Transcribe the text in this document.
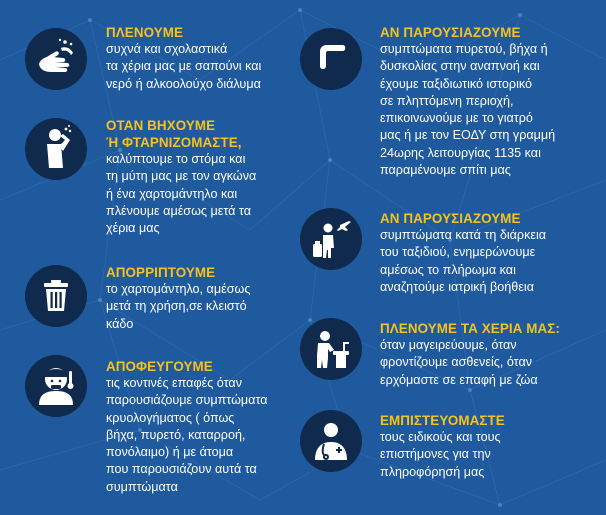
ΠΛΕΝΟΥΜΕ
συχνά και σχολαστικά
τα χέρια μας με σαπούνι και
νερό ή αλκοολούχο διάλυμα
ΟΤΑΝ ΒΗΧΟΥΜΕ
Ή ΦΤΑΡΝΙΖΟΜΑΣΤΕ,
καλύπτουμε το στόμα και
τη μύτη μας με τον αγκώνα
ή ένα χαρτομάντηλο και
πλένουμε αμέσως μετά τα
χέρια μας
ΑΠΟΡΡΙΠΤΟΥΜΕ
το χαρτομάντηλο, αμέσως
μετά τη χρήση,σε κλειστό
κάδο
ΑΠΟΦΕΥΓΟΥΜΕ
τις κοντινές επαφές όταν
παρουσιάζουμε συμπτώματα
κρυολογήματος ( όπως
βήχα, πυρετό, καταρροή,
πονόλαιμο) ή με άτομα
που παρουσιάζουν αυτά τα
συμπτώματα
ΑΝ ΠΑΡΟΥΣΙΑΖΟΥΜΕ
συμπτώματα πυρετού, βήχα ή
δυσκολίας στην αναπνοή και
έχουμε ταξιδιωτικό ιστορικό
σε πληττόμενη περιοχή,
επικοινωνούμε με το γιατρό
μας ή με τον ΕΟΔΥ στη γραμμή
24ωρης λειτουργίας 1135 και
παραμένουμε σπίτι μας
ΑΝ ΠΑΡΟΥΣΙΑΖΟΥΜΕ
συμπτώματα κατά τη διάρκεια
του ταξιδιού, ενημερώνουμε
αμέσως το πλήρωμα και
αναζητούμε ιατρική βοήθεια
ΠΛΕΝΟΥΜΕ ΤΑ ΧΕΡΙΑ ΜΑΣ:
όταν μαγειρεύουμε, όταν
φροντίζουμε ασθενείς, όταν
ερχόμαστε σε επαφή με ζώα
ΕΜΠΙΣΤΕΥΟΜΑΣΤΕ
τους ειδικούς και τους
επιστήμονες για την
πληροφόρησή μας
